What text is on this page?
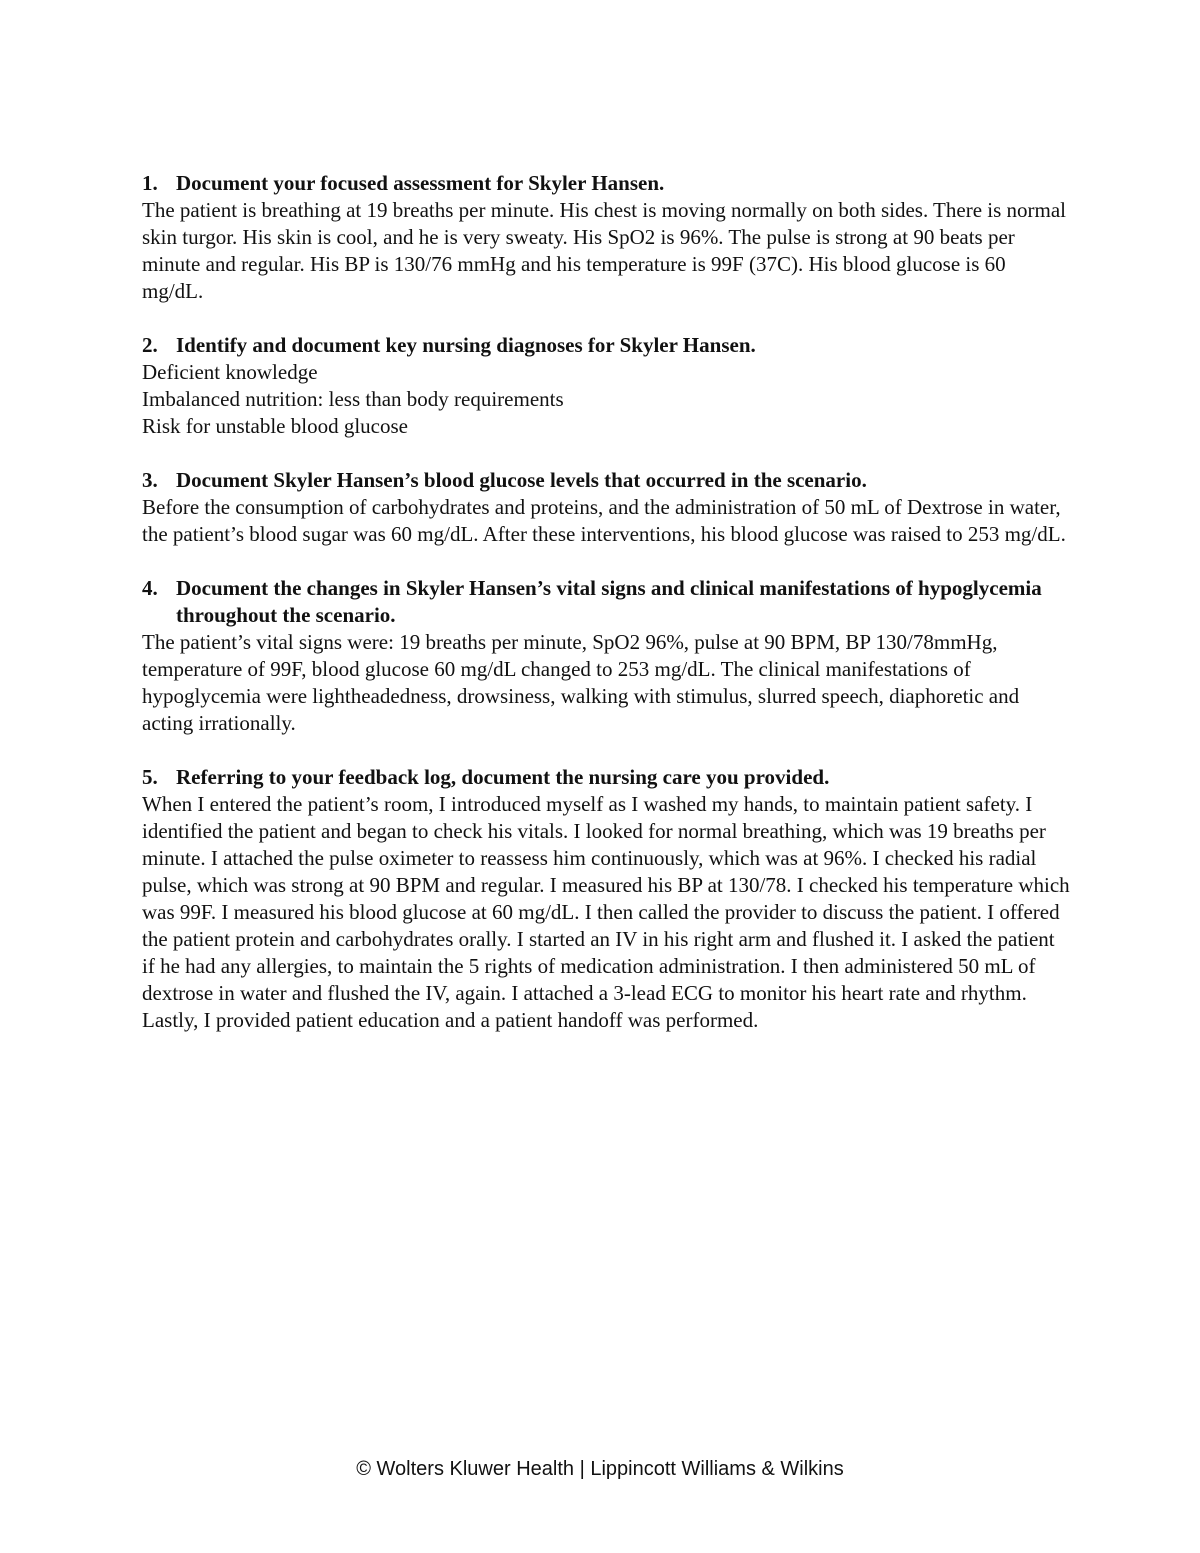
1. Document your focused assessment for Skyler Hansen.

The patient is breathing at 19 breaths per minute. His chest is moving normally on both sides. There is normal skin turgor. His skin is cool, and he is very sweaty. His SpO2 is 96%. The pulse is strong at 90 beats per minute and regular. His BP is 130/76 mmHg and his temperature is 99F (37C). His blood glucose is 60 mg/dL.

2. Identify and document key nursing diagnoses for Skyler Hansen.
Deficient knowledge
Imbalanced nutrition: less than body requirements
Risk for unstable blood glucose
3. Document Skyler Hansen’s blood glucose levels that occurred in the scenario.

Before the consumption of carbohydrates and proteins, and the administration of 50 mL of Dextrose in water, the patient’s blood sugar was 60 mg/dL. After these interventions, his blood glucose was raised to 253 mg/dL.

4. Document the changes in Skyler Hansen’s vital signs and clinical manifestations of hypoglycemia throughout the scenario.

The patient’s vital signs were: 19 breaths per minute, SpO2 96%, pulse at 90 BPM, BP 130/78mmHg, temperature of 99F, blood glucose 60 mg/dL changed to 253 mg/dL. The clinical manifestations of hypoglycemia were lightheadedness, drowsiness, walking with stimulus, slurred speech, diaphoretic and acting irrationally.

5. Referring to your feedback log, document the nursing care you provided.

When I entered the patient’s room, I introduced myself as I washed my hands, to maintain patient safety. I identified the patient and began to check his vitals. I looked for normal breathing, which was 19 breaths per minute. I attached the pulse oximeter to reassess him continuously, which was at 96%. I checked his radial pulse, which was strong at 90 BPM and regular. I measured his BP at 130/78. I checked his temperature which was 99F. I measured his blood glucose at 60 mg/dL. I then called the provider to discuss the patient. I offered the patient protein and carbohydrates orally. I started an IV in his right arm and flushed it. I asked the patient if he had any allergies, to maintain the 5 rights of medication administration. I then administered 50 mL of dextrose in water and flushed the IV, again. I attached a 3-lead ECG to monitor his heart rate and rhythm. Lastly, I provided patient education and a patient handoff was performed.

© Wolters Kluwer Health | Lippincott Williams & Wilkins
